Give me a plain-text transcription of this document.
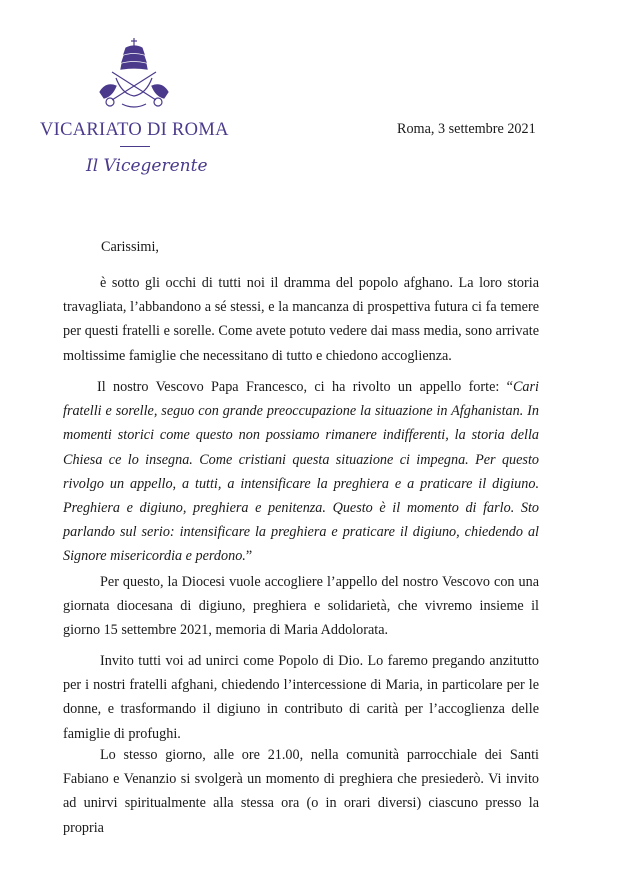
VICARIATO DI ROMA
Il Vicegerente
Roma, 3 settembre 2021
Carissimi,

è sotto gli occhi di tutti noi il dramma del popolo afghano. La loro storia travagliata, l’abbandono a sé stessi, e la mancanza di prospettiva futura ci fa temere per questi fratelli e sorelle. Come avete potuto vedere dai mass media, sono arrivate moltissime famiglie che necessitano di tutto e chiedono accoglienza.

Il nostro Vescovo Papa Francesco, ci ha rivolto un appello forte: “Cari fratelli e sorelle, seguo con grande preoccupazione la situazione in Afghanistan. In momenti storici come questo non possiamo rimanere indifferenti, la storia della Chiesa ce lo insegna. Come cristiani questa situazione ci impegna. Per questo rivolgo un appello, a tutti, a intensificare la preghiera e a praticare il digiuno. Preghiera e digiuno, preghiera e penitenza. Questo è il momento di farlo. Sto parlando sul serio: intensificare la preghiera e praticare il digiuno, chiedendo al Signore misericordia e perdono.”

Per questo, la Diocesi vuole accogliere l’appello del nostro Vescovo con una giornata diocesana di digiuno, preghiera e solidarietà, che vivremo insieme il giorno 15 settembre 2021, memoria di Maria Addolorata.

Invito tutti voi ad unirci come Popolo di Dio. Lo faremo pregando anzitutto per i nostri fratelli afghani, chiedendo l’intercessione di Maria, in particolare per le donne, e trasformando il digiuno in contributo di carità per l’accoglienza delle famiglie di profughi.

Lo stesso giorno, alle ore 21.00, nella comunità parrocchiale dei Santi Fabiano e Venanzio si svolgerà un momento di preghiera che presiederò. Vi invito ad unirvi spiritualmente alla stessa ora (o in orari diversi) ciascuno presso la propria
